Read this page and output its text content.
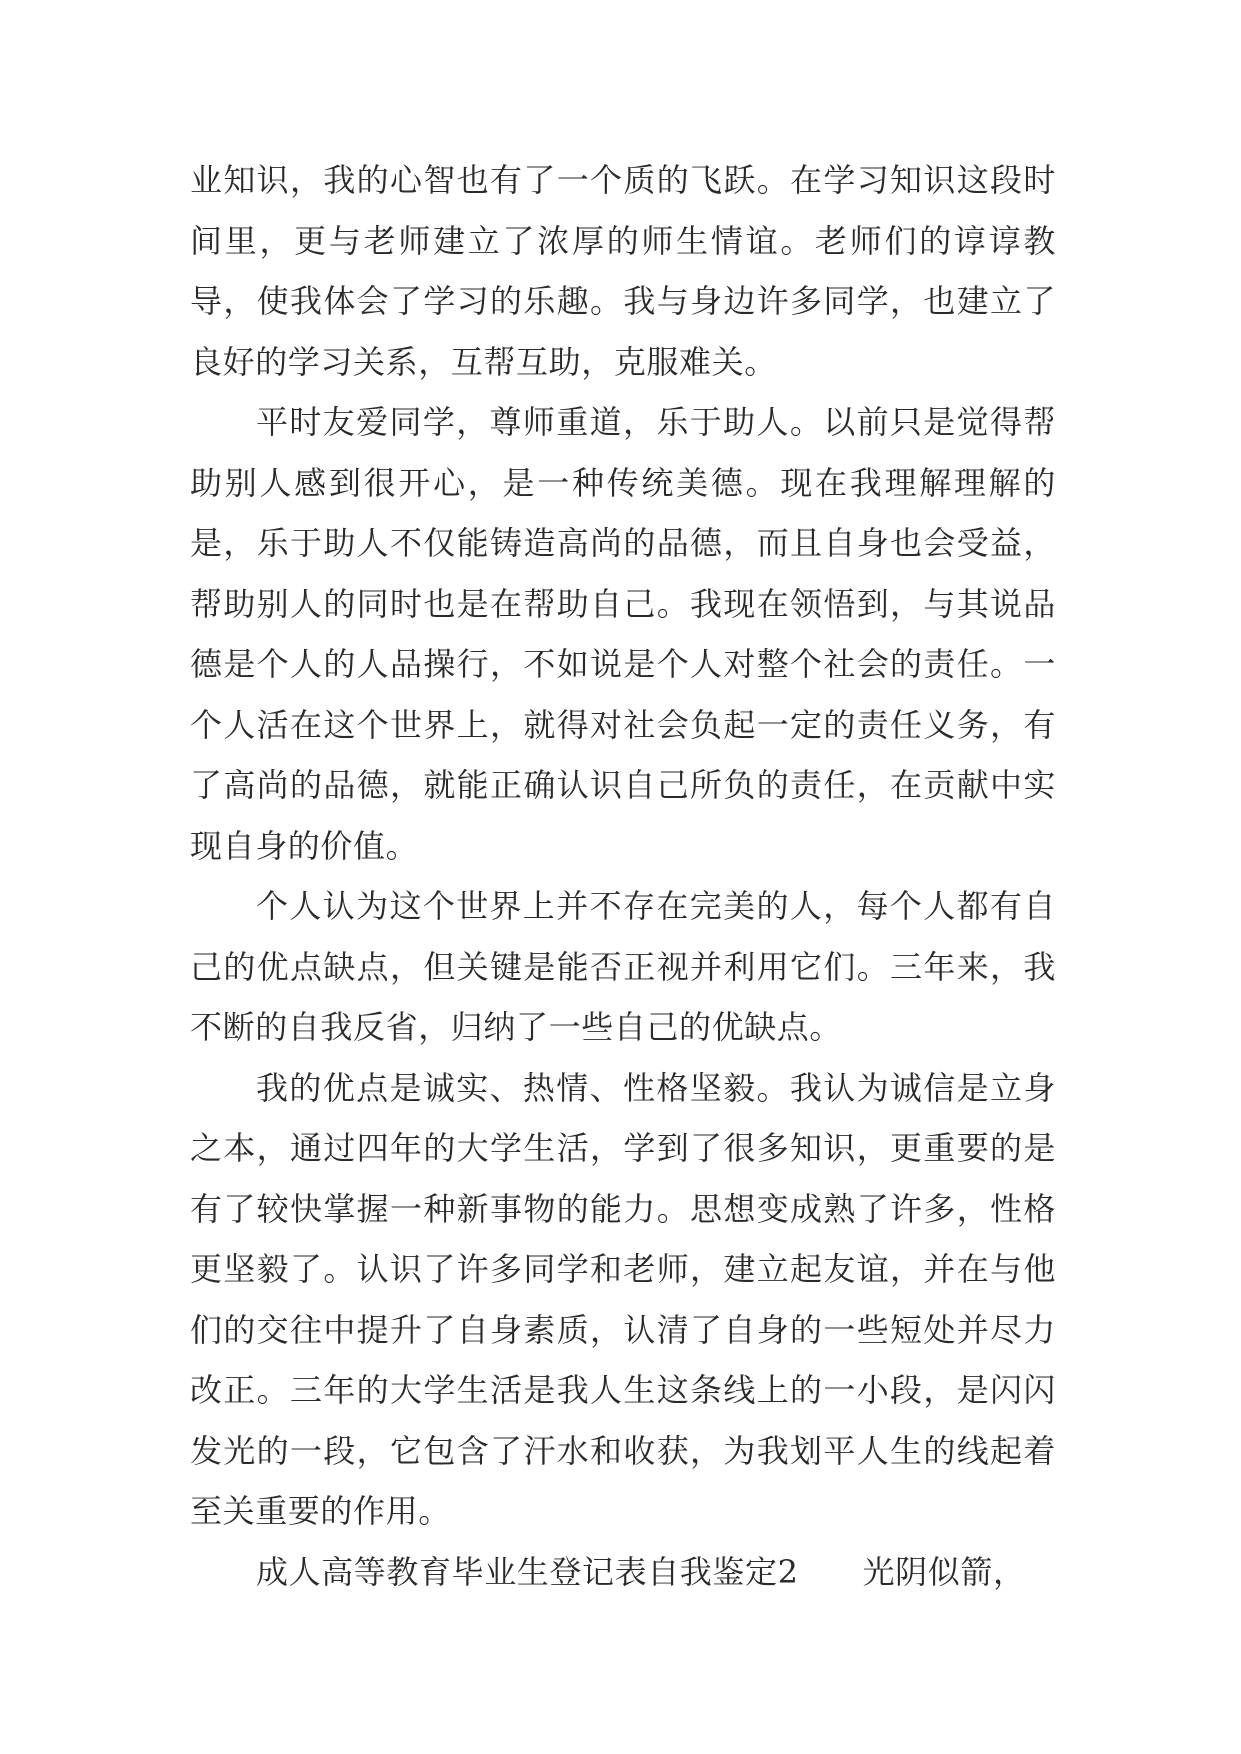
业知识，我的心智也有了一个质的飞跃。在学习知识这段时间里，更与老师建立了浓厚的师生情谊。老师们的谆谆教导，使我体会了学习的乐趣。我与身边许多同学，也建立了良好的学习关系，互帮互助，克服难关。

平时友爱同学，尊师重道，乐于助人。以前只是觉得帮助别人感到很开心，是一种传统美德。现在我理解理解的是，乐于助人不仅能铸造高尚的品德，而且自身也会受益，帮助别人的同时也是在帮助自己。我现在领悟到，与其说品德是个人的人品操行，不如说是个人对整个社会的责任。一个人活在这个世界上，就得对社会负起一定的责任义务，有了高尚的品德，就能正确认识自己所负的责任，在贡献中实现自身的价值。

个人认为这个世界上并不存在完美的人，每个人都有自己的优点缺点，但关键是能否正视并利用它们。三年来，我不断的自我反省，归纳了一些自己的优缺点。

我的优点是诚实、热情、性格坚毅。我认为诚信是立身之本，通过四年的大学生活，学到了很多知识，更重要的是有了较快掌握一种新事物的能力。思想变成熟了许多，性格更坚毅了。认识了许多同学和老师，建立起友谊，并在与他们的交往中提升了自身素质，认清了自身的一些短处并尽力改正。三年的大学生活是我人生这条线上的一小段，是闪闪发光的一段，它包含了汗水和收获，为我划平人生的线起着至关重要的作用。

成人高等教育毕业生登记表自我鉴定2 光阴似箭，
